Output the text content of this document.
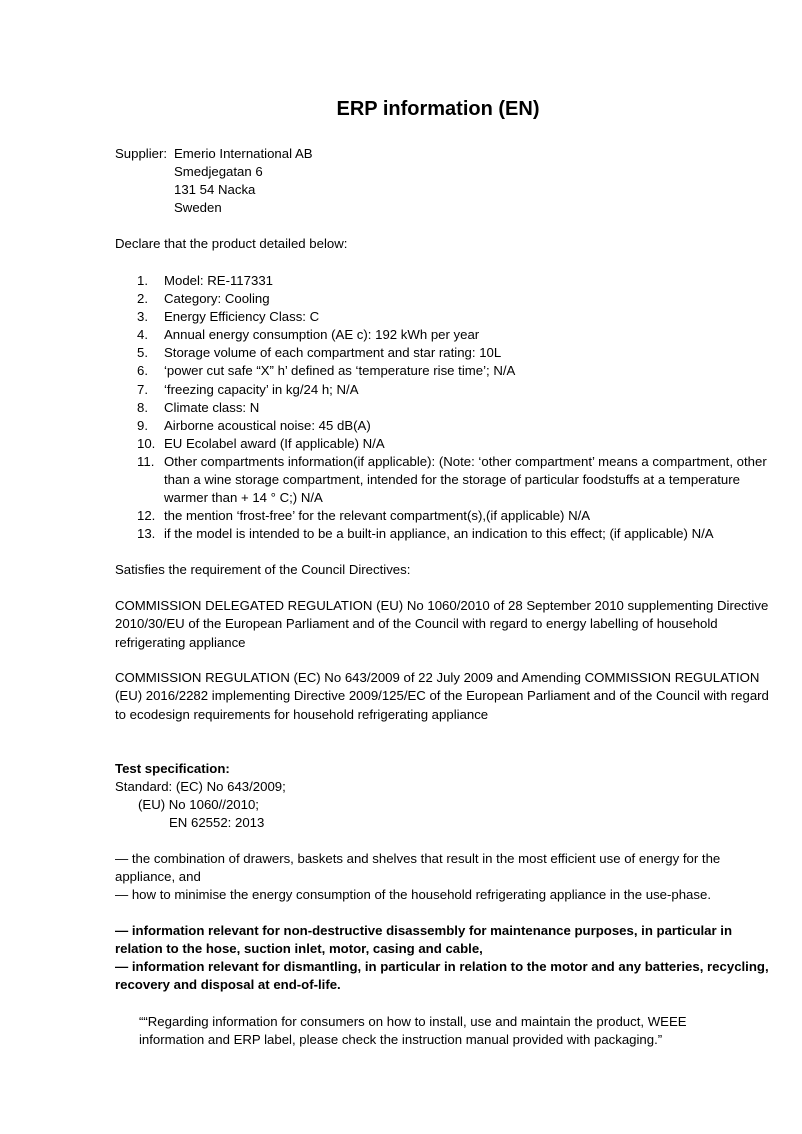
ERP information (EN)
Supplier: Emerio International AB
Smedjegatan 6
131 54 Nacka
Sweden
Declare that the product detailed below:
1. Model: RE-117331
2. Category: Cooling
3. Energy Efficiency Class: C
4. Annual energy consumption (AE c): 192 kWh per year
5. Storage volume of each compartment and star rating: 10L
6. ‘power cut safe “X” h’ defined as ‘temperature rise time’; N/A
7. ‘freezing capacity’ in kg/24 h; N/A
8. Climate class: N
9. Airborne acoustical noise: 45 dB(A)
10. EU Ecolabel award (If applicable) N/A
11. Other compartments information(if applicable): (Note: ‘other compartment’ means a compartment, other than a wine storage compartment, intended for the storage of particular foodstuffs at a temperature warmer than + 14 ° C;) N/A
12. the mention ‘frost-free’ for the relevant compartment(s),(if applicable) N/A
13. if the model is intended to be a built-in appliance, an indication to this effect; (if applicable) N/A
Satisfies the requirement of the Council Directives:
COMMISSION DELEGATED REGULATION (EU) No 1060/2010 of 28 September 2010 supplementing Directive 2010/30/EU of the European Parliament and of the Council with regard to energy labelling of household refrigerating appliance
COMMISSION REGULATION (EC) No 643/2009 of 22 July 2009 and Amending COMMISSION REGULATION (EU) 2016/2282 implementing Directive 2009/125/EC of the European Parliament and of the Council with regard to ecodesign requirements for household refrigerating appliance
Test specification:
Standard: (EC) No 643/2009;
(EU) No 1060//2010;
EN 62552: 2013
— the combination of drawers, baskets and shelves that result in the most efficient use of energy for the appliance, and
— how to minimise the energy consumption of the household refrigerating appliance in the use-phase.
— information relevant for non-destructive disassembly for maintenance purposes, in particular in relation to the hose, suction inlet, motor, casing and cable,
— information relevant for dismantling, in particular in relation to the motor and any batteries, recycling, recovery and disposal at end-of-life.
““Regarding information for consumers on how to install, use and maintain the product, WEEE information and ERP label, please check the instruction manual provided with packaging.”
